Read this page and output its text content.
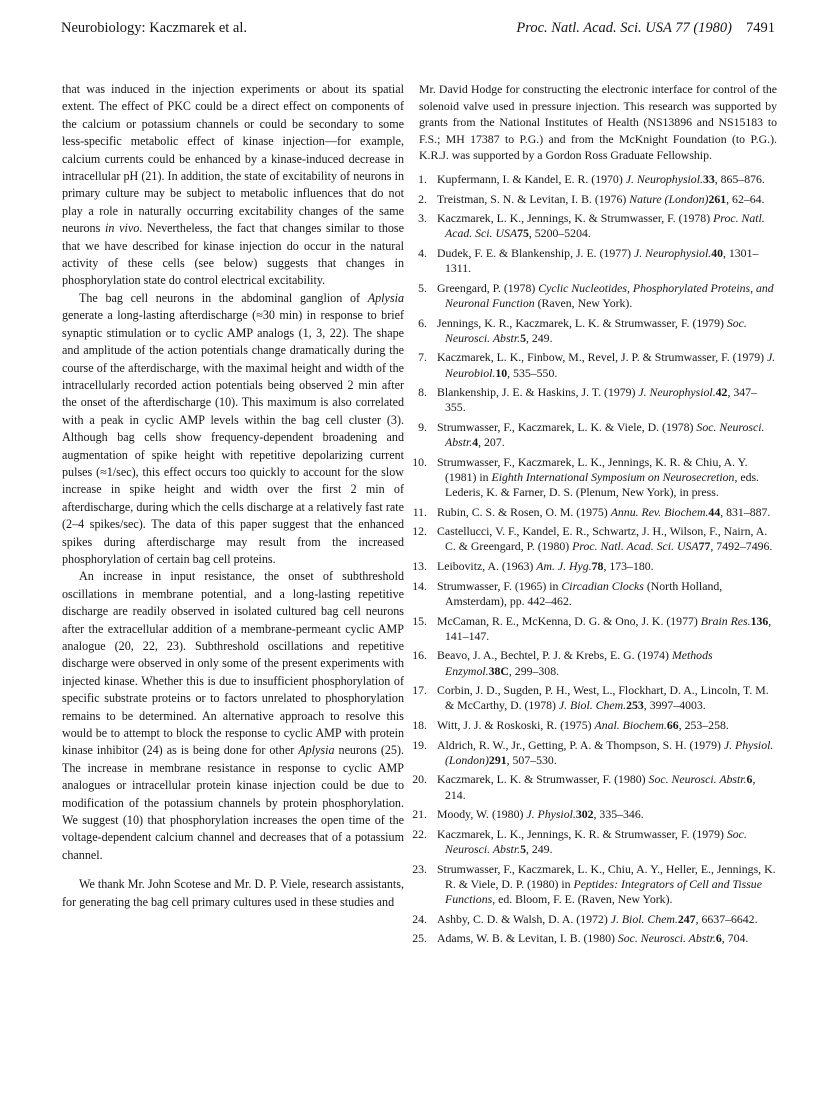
Neurobiology: Kaczmarek et al.	Proc. Natl. Acad. Sci. USA 77 (1980) 7491

that was induced in the injection experiments or about its spatial extent. The effect of PKC could be a direct effect on components of the calcium or potassium channels or could be secondary to some less-specific metabolic effect of kinase injection—for example, calcium currents could be enhanced by a kinase-induced decrease in intracellular pH (21). In addition, the state of excitability of neurons in primary culture may be subject to metabolic influences that do not play a role in naturally occurring excitability changes of the same neurons in vivo. Nevertheless, the fact that changes similar to those that we have described for kinase injection do occur in the natural activity of these cells (see below) suggests that changes in phosphorylation state do control electrical excitability.

The bag cell neurons in the abdominal ganglion of Aplysia generate a long-lasting afterdischarge (≈30 min) in response to brief synaptic stimulation or to cyclic AMP analogs (1, 3, 22). The shape and amplitude of the action potentials change dramatically during the course of the afterdischarge, with the maximal height and width of the intracellularly recorded action potentials being observed 2 min after the onset of the afterdischarge (10). This maximum is also correlated with a peak in cyclic AMP levels within the bag cell cluster (3). Although bag cells show frequency-dependent broadening and augmentation of spike height with repetitive depolarizing current pulses (≈1/sec), this effect occurs too quickly to account for the slow increase in spike height and width over the first 2 min of afterdischarge, during which the cells discharge at a relatively fast rate (2–4 spikes/sec). The data of this paper suggest that the enhanced spikes during afterdischarge may result from the increased phosphorylation of certain bag cell proteins.

An increase in input resistance, the onset of subthreshold oscillations in membrane potential, and a long-lasting repetitive discharge are readily observed in isolated cultured bag cell neurons after the extracellular addition of a membrane-permeant cyclic AMP analogue (20, 22, 23). Subthreshold oscillations and repetitive discharge were observed in only some of the present experiments with injected kinase. Whether this is due to insufficient phosphorylation of specific substrate proteins or to factors unrelated to phosphorylation remains to be determined. An alternative approach to resolve this would be to attempt to block the response to cyclic AMP with protein kinase inhibitor (24) as is being done for other Aplysia neurons (25). The increase in membrane resistance in response to cyclic AMP analogues or intracellular protein kinase injection could be due to modification of the potassium channels by protein phosphorylation. We suggest (10) that phosphorylation increases the open time of the voltage-dependent calcium channel and decreases that of a potassium channel.

We thank Mr. John Scotese and Mr. D. P. Viele, research assistants, for generating the bag cell primary cultures used in these studies and

Mr. David Hodge for constructing the electronic interface for control of the solenoid valve used in pressure injection. This research was supported by grants from the National Institutes of Health (NS13896 and NS15183 to F.S.; MH 17387 to P.G.) and from the McKnight Foundation (to P.G.). K.R.J. was supported by a Gordon Ross Graduate Fellowship.

1. Kupfermann, I. & Kandel, E. R. (1970) J. Neurophysiol.33, 865–876.
2. Treistman, S. N. & Levitan, I. B. (1976) Nature (London)261, 62–64.
3. Kaczmarek, L. K., Jennings, K. & Strumwasser, F. (1978) Proc. Natl. Acad. Sci. USA75, 5200–5204.
4. Dudek, F. E. & Blankenship, J. E. (1977) J. Neurophysiol.40, 1301–1311.
5. Greengard, P. (1978) Cyclic Nucleotides, Phosphorylated Proteins, and Neuronal Function (Raven, New York).
6. Jennings, K. R., Kaczmarek, L. K. & Strumwasser, F. (1979) Soc. Neurosci. Abstr.5, 249.
7. Kaczmarek, L. K., Finbow, M., Revel, J. P. & Strumwasser, F. (1979) J. Neurobiol.10, 535–550.
8. Blankenship, J. E. & Haskins, J. T. (1979) J. Neurophysiol.42, 347–355.
9. Strumwasser, F., Kaczmarek, L. K. & Viele, D. (1978) Soc. Neurosci. Abstr.4, 207.
10. Strumwasser, F., Kaczmarek, L. K., Jennings, K. R. & Chiu, A. Y. (1981) in Eighth International Symposium on Neurosecretion, eds. Lederis, K. & Farner, D. S. (Plenum, New York), in press.
11. Rubin, C. S. & Rosen, O. M. (1975) Annu. Rev. Biochem.44, 831–887.
12. Castellucci, V. F., Kandel, E. R., Schwartz, J. H., Wilson, F., Nairn, A. C. & Greengard, P. (1980) Proc. Natl. Acad. Sci. USA77, 7492–7496.
13. Leibovitz, A. (1963) Am. J. Hyg.78, 173–180.
14. Strumwasser, F. (1965) in Circadian Clocks (North Holland, Amsterdam), pp. 442–462.
15. McCaman, R. E., McKenna, D. G. & Ono, J. K. (1977) Brain Res.136, 141–147.
16. Beavo, J. A., Bechtel, P. J. & Krebs, E. G. (1974) Methods Enzymol.38C, 299–308.
17. Corbin, J. D., Sugden, P. H., West, L., Flockhart, D. A., Lincoln, T. M. & McCarthy, D. (1978) J. Biol. Chem.253, 3997–4003.
18. Witt, J. J. & Roskoski, R. (1975) Anal. Biochem.66, 253–258.
19. Aldrich, R. W., Jr., Getting, P. A. & Thompson, S. H. (1979) J. Physiol. (London)291, 507–530.
20. Kaczmarek, L. K. & Strumwasser, F. (1980) Soc. Neurosci. Abstr.6, 214.
21. Moody, W. (1980) J. Physiol.302, 335–346.
22. Kaczmarek, L. K., Jennings, K. R. & Strumwasser, F. (1979) Soc. Neurosci. Abstr.5, 249.
23. Strumwasser, F., Kaczmarek, L. K., Chiu, A. Y., Heller, E., Jennings, K. R. & Viele, D. P. (1980) in Peptides: Integrators of Cell and Tissue Functions, ed. Bloom, F. E. (Raven, New York).
24. Ashby, C. D. & Walsh, D. A. (1972) J. Biol. Chem.247, 6637–6642.
25. Adams, W. B. & Levitan, I. B. (1980) Soc. Neurosci. Abstr.6, 704.
